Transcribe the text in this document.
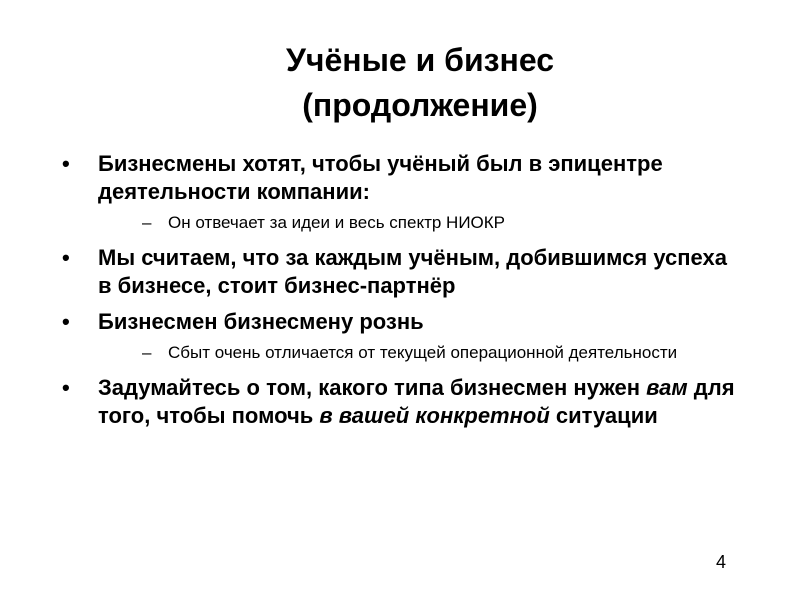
Учёные и бизнес
(продолжение)
• Бизнесмены хотят, чтобы учёный был в эпицентре деятельности компании:
– Он отвечает за идеи и весь спектр НИОКР
• Мы считаем, что за каждым учёным, добившимся успеха в бизнесе, стоит бизнес-партнёр
• Бизнесмен бизнесмену рознь
– Сбыт очень отличается от текущей операционной деятельности
• Задумайтесь о том, какого типа бизнесмен нужен вам для того, чтобы помочь в вашей конкретной ситуации
4
